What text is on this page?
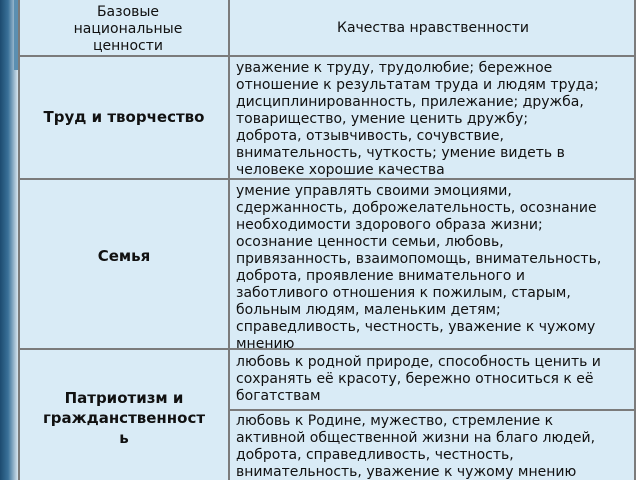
Базовые
национальные
ценности
Качества нравственности
Труд и творчество
уважение к труду, трудолюбие; бережное
отношение к результатам труда и людям труда;
дисциплинированность, прилежание; дружба,
товарищество, умение ценить дружбу;
доброта, отзывчивость, сочувствие,
внимательность, чуткость; умение видеть в
человеке хорошие качества
Семья
умение управлять своими эмоциями,
сдержанность, доброжелательность, осознание
необходимости здорового образа жизни;
осознание ценности семьи, любовь,
привязанность, взаимопомощь, внимательность,
доброта, проявление внимательного и
заботливого отношения к пожилым, старым,
больным людям, маленьким детям;
справедливость, честность, уважение к чужому
мнению
Патриотизм и
гражданственност
ь
любовь к родной природе, способность ценить и
сохранять её красоту, бережно относиться к её
богатствам
любовь к Родине, мужество, стремление к
активной общественной жизни на благо людей,
доброта, справедливость, честность,
внимательность, уважение к чужому мнению
